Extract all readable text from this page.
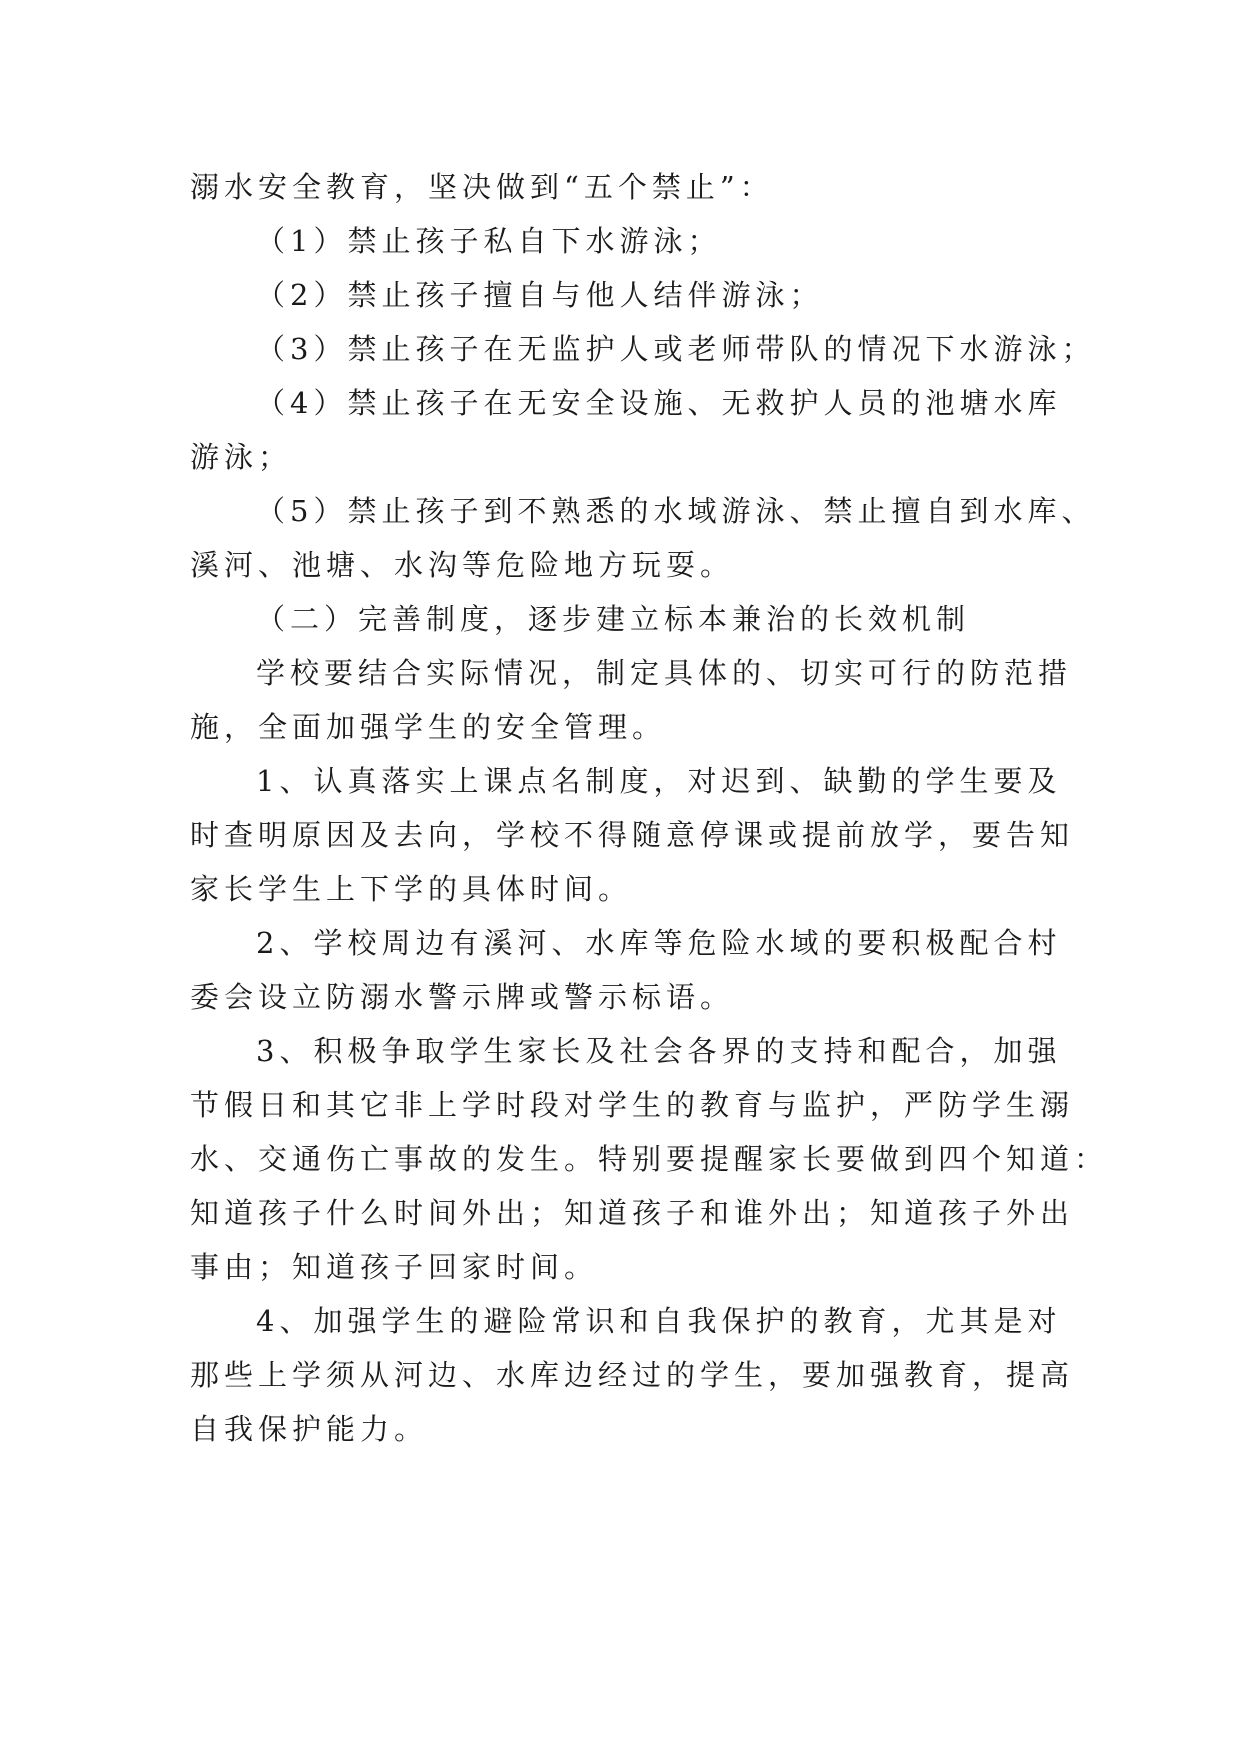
溺水安全教育，坚决做到“五个禁止”：
（1）禁止孩子私自下水游泳；
（2）禁止孩子擅自与他人结伴游泳；
（3）禁止孩子在无监护人或老师带队的情况下水游泳；
（4）禁止孩子在无安全设施、无救护人员的池塘水库
游泳；
（5）禁止孩子到不熟悉的水域游泳、禁止擅自到水库、
溪河、池塘、水沟等危险地方玩耍。
（二）完善制度，逐步建立标本兼治的长效机制
学校要结合实际情况，制定具体的、切实可行的防范措
施，全面加强学生的安全管理。
1、认真落实上课点名制度，对迟到、缺勤的学生要及
时查明原因及去向，学校不得随意停课或提前放学，要告知
家长学生上下学的具体时间。
2、学校周边有溪河、水库等危险水域的要积极配合村
委会设立防溺水警示牌或警示标语。
3、积极争取学生家长及社会各界的支持和配合，加强
节假日和其它非上学时段对学生的教育与监护，严防学生溺
水、交通伤亡事故的发生。特别要提醒家长要做到四个知道：
知道孩子什么时间外出；知道孩子和谁外出；知道孩子外出
事由；知道孩子回家时间。
4、加强学生的避险常识和自我保护的教育，尤其是对
那些上学须从河边、水库边经过的学生，要加强教育，提高
自我保护能力。
